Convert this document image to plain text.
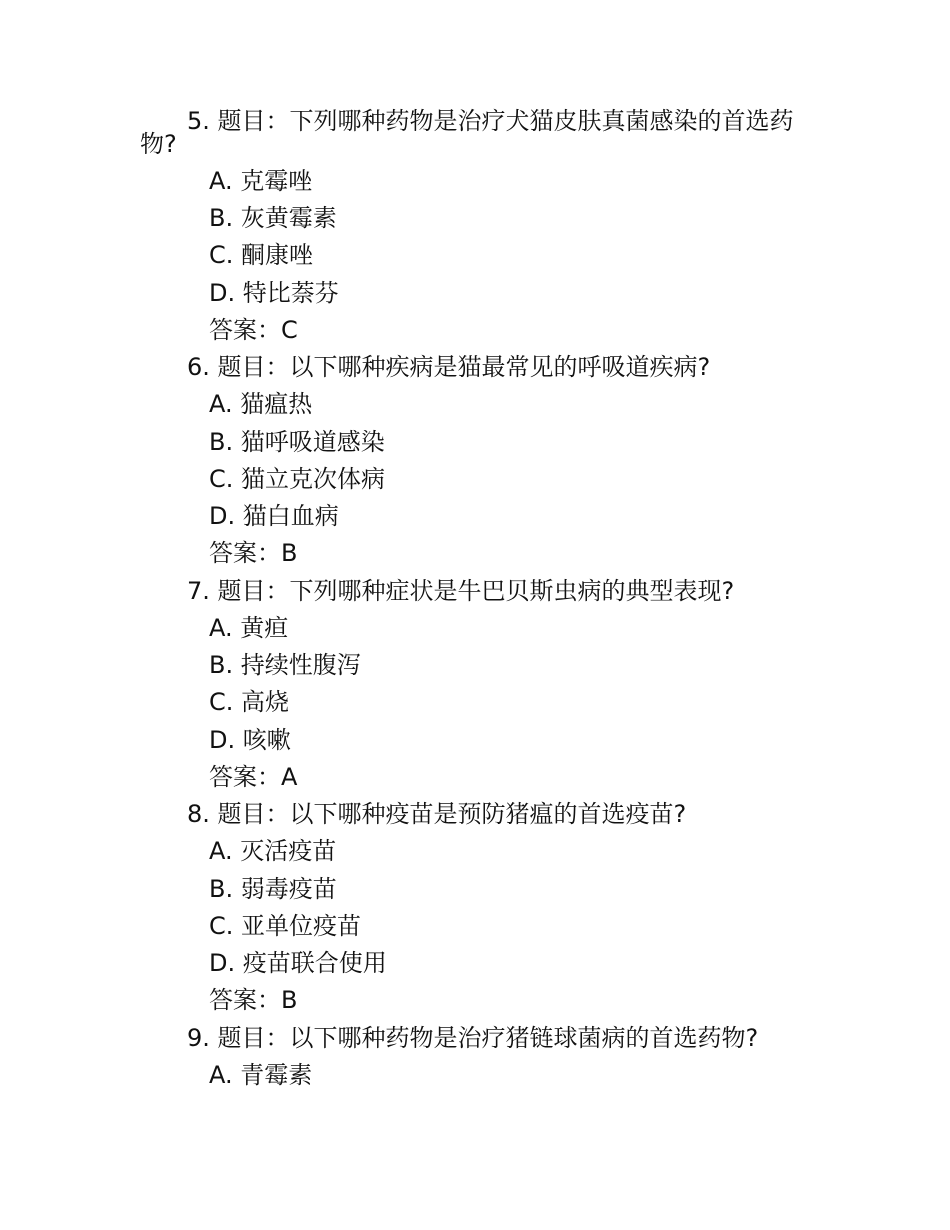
5. 题目：下列哪种药物是治疗犬猫皮肤真菌感染的首选药
物?
A. 克霉唑
B. 灰黄霉素
C. 酮康唑
D. 特比萘芬
答案：C
6. 题目：以下哪种疾病是猫最常见的呼吸道疾病?
A. 猫瘟热
B. 猫呼吸道感染
C. 猫立克次体病
D. 猫白血病
答案：B
7. 题目：下列哪种症状是牛巴贝斯虫病的典型表现?
A. 黄疸
B. 持续性腹泻
C. 高烧
D. 咳嗽
答案：A
8. 题目：以下哪种疫苗是预防猪瘟的首选疫苗?
A. 灭活疫苗
B. 弱毒疫苗
C. 亚单位疫苗
D. 疫苗联合使用
答案：B
9. 题目：以下哪种药物是治疗猪链球菌病的首选药物?
A. 青霉素
